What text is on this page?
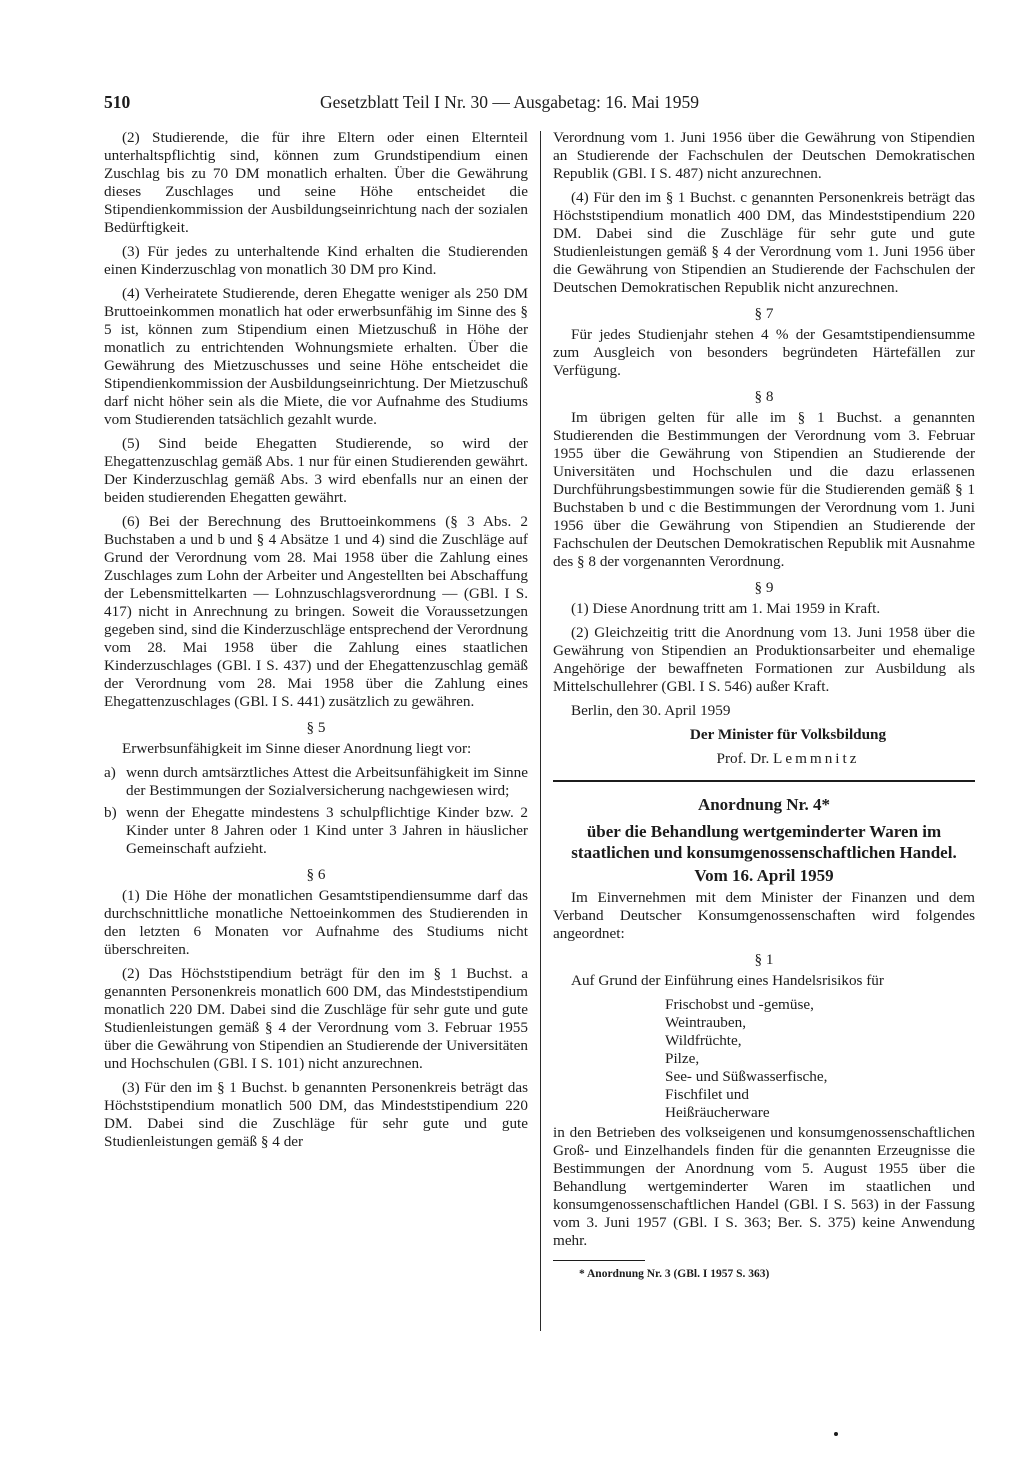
510	Gesetzblatt Teil I Nr. 30 — Ausgabetag: 16. Mai 1959

(2) Studierende, die für ihre Eltern oder einen Elternteil unterhaltspflichtig sind, können zum Grundstipendium einen Zuschlag bis zu 70 DM monatlich erhalten. Über die Gewährung dieses Zuschlages und seine Höhe entscheidet die Stipendienkommission der Ausbildungseinrichtung nach der sozialen Bedürftigkeit.

(3) Für jedes zu unterhaltende Kind erhalten die Studierenden einen Kinderzuschlag von monatlich 30 DM pro Kind.

(4) Verheiratete Studierende, deren Ehegatte weniger als 250 DM Bruttoeinkommen monatlich hat oder erwerbsunfähig im Sinne des § 5 ist, können zum Stipendium einen Mietzuschuß in Höhe der monatlich zu entrichtenden Wohnungsmiete erhalten. Über die Gewährung des Mietzuschusses und seine Höhe entscheidet die Stipendienkommission der Ausbildungseinrichtung. Der Mietzuschuß darf nicht höher sein als die Miete, die vor Aufnahme des Studiums vom Studierenden tatsächlich gezahlt wurde.

(5) Sind beide Ehegatten Studierende, so wird der Ehegattenzuschlag gemäß Abs. 1 nur für einen Studierenden gewährt. Der Kinderzuschlag gemäß Abs. 3 wird ebenfalls nur an einen der beiden studierenden Ehegatten gewährt.

(6) Bei der Berechnung des Bruttoeinkommens (§ 3 Abs. 2 Buchstaben a und b und § 4 Absätze 1 und 4) sind die Zuschläge auf Grund der Verordnung vom 28. Mai 1958 über die Zahlung eines Zuschlages zum Lohn der Arbeiter und Angestellten bei Abschaffung der Lebensmittelkarten — Lohnzuschlagsverordnung — (GBl. I S. 417) nicht in Anrechnung zu bringen. Soweit die Voraussetzungen gegeben sind, sind die Kinderzuschläge entsprechend der Verordnung vom 28. Mai 1958 über die Zahlung eines staatlichen Kinderzuschlages (GBl. I S. 437) und der Ehegattenzuschlag gemäß der Verordnung vom 28. Mai 1958 über die Zahlung eines Ehegattenzuschlages (GBl. I S. 441) zusätzlich zu gewähren.

§ 5

Erwerbsunfähigkeit im Sinne dieser Anordnung liegt vor:

a) wenn durch amtsärztliches Attest die Arbeitsunfähigkeit im Sinne der Bestimmungen der Sozialversicherung nachgewiesen wird;
b) wenn der Ehegatte mindestens 3 schulpflichtige Kinder bzw. 2 Kinder unter 8 Jahren oder 1 Kind unter 3 Jahren in häuslicher Gemeinschaft aufzieht.
§ 6

(1) Die Höhe der monatlichen Gesamtstipendiensumme darf das durchschnittliche monatliche Nettoeinkommen des Studierenden in den letzten 6 Monaten vor Aufnahme des Studiums nicht überschreiten.

(2) Das Höchststipendium beträgt für den im § 1 Buchst. a genannten Personenkreis monatlich 600 DM, das Mindeststipendium monatlich 220 DM. Dabei sind die Zuschläge für sehr gute und gute Studienleistungen gemäß § 4 der Verordnung vom 3. Februar 1955 über die Gewährung von Stipendien an Studierende der Universitäten und Hochschulen (GBl. I S. 101) nicht anzurechnen.

(3) Für den im § 1 Buchst. b genannten Personenkreis beträgt das Höchststipendium monatlich 500 DM, das Mindeststipendium 220 DM. Dabei sind die Zuschläge für sehr gute und gute Studienleistungen gemäß § 4 der

Verordnung vom 1. Juni 1956 über die Gewährung von Stipendien an Studierende der Fachschulen der Deutschen Demokratischen Republik (GBl. I S. 487) nicht anzurechnen.

(4) Für den im § 1 Buchst. c genannten Personenkreis beträgt das Höchststipendium monatlich 400 DM, das Mindeststipendium 220 DM. Dabei sind die Zuschläge für sehr gute und gute Studienleistungen gemäß § 4 der Verordnung vom 1. Juni 1956 über die Gewährung von Stipendien an Studierende der Fachschulen der Deutschen Demokratischen Republik nicht anzurechnen.

§ 7

Für jedes Studienjahr stehen 4 % der Gesamtstipendiensumme zum Ausgleich von besonders begründeten Härtefällen zur Verfügung.

§ 8

Im übrigen gelten für alle im § 1 Buchst. a genannten Studierenden die Bestimmungen der Verordnung vom 3. Februar 1955 über die Gewährung von Stipendien an Studierende der Universitäten und Hochschulen und die dazu erlassenen Durchführungsbestimmungen sowie für die Studierenden gemäß § 1 Buchstaben b und c die Bestimmungen der Verordnung vom 1. Juni 1956 über die Gewährung von Stipendien an Studierende der Fachschulen der Deutschen Demokratischen Republik mit Ausnahme des § 8 der vorgenannten Verordnung.

§ 9

(1) Diese Anordnung tritt am 1. Mai 1959 in Kraft.

(2) Gleichzeitig tritt die Anordnung vom 13. Juni 1958 über die Gewährung von Stipendien an Produktionsarbeiter und ehemalige Angehörige der bewaffneten Formationen zur Ausbildung als Mittelschullehrer (GBl. I S. 546) außer Kraft.

Berlin, den 30. April 1959

Der Minister für Volksbildung

Prof. Dr. Lemmnitz

Anordnung Nr. 4*
über die Behandlung wertgeminderter Waren im staatlichen und konsumgenossenschaftlichen Handel.
Vom 16. April 1959

Im Einvernehmen mit dem Minister der Finanzen und dem Verband Deutscher Konsumgenossenschaften wird folgendes angeordnet:

§ 1

Auf Grund der Einführung eines Handelsrisikos für

Frischobst und -gemüse,
Weintrauben,
Wildfrüchte,
Pilze,
See- und Süßwasserfische,
Fischfilet und
Heißräucherware

in den Betrieben des volkseigenen und konsumgenossenschaftlichen Groß- und Einzelhandels finden für die genannten Erzeugnisse die Bestimmungen der Anordnung vom 5. August 1955 über die Behandlung wertgeminderter Waren im staatlichen und konsumgenossenschaftlichen Handel (GBl. I S. 563) in der Fassung vom 3. Juni 1957 (GBl. I S. 363; Ber. S. 375) keine Anwendung mehr.

* Anordnung Nr. 3 (GBl. I 1957 S. 363)
